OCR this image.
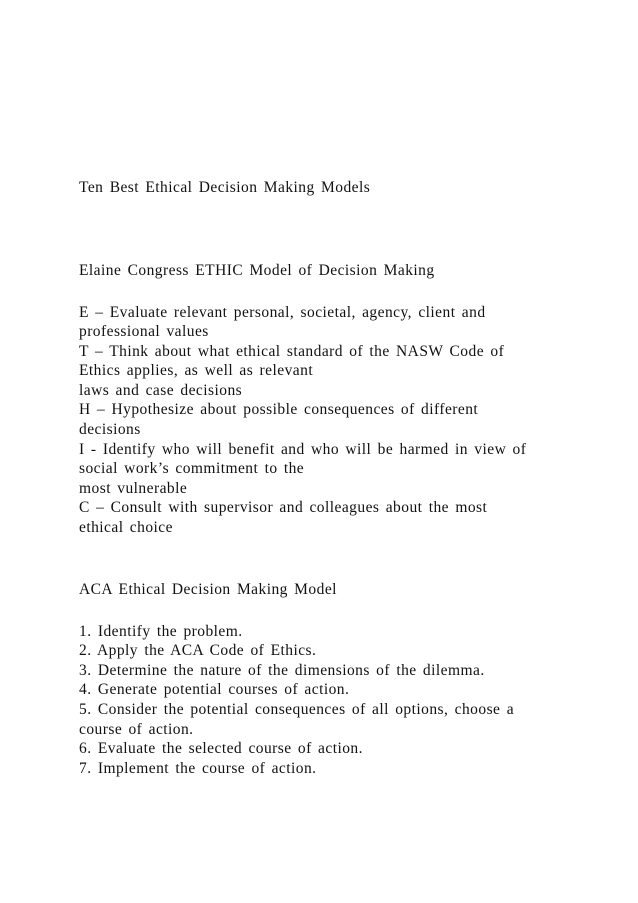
Ten Best Ethical Decision Making Models
Elaine Congress ETHIC Model of Decision Making
E – Evaluate relevant personal, societal, agency, client and
professional values
T – Think about what ethical standard of the NASW Code of
Ethics applies, as well as relevant
laws and case decisions
H – Hypothesize about possible consequences of different
decisions
I - Identify who will benefit and who will be harmed in view of
social work’s commitment to the
most vulnerable
C – Consult with supervisor and colleagues about the most
ethical choice
ACA Ethical Decision Making Model
1. Identify the problem.
2. Apply the ACA Code of Ethics.
3. Determine the nature of the dimensions of the dilemma.
4. Generate potential courses of action.
5. Consider the potential consequences of all options, choose a
course of action.
6. Evaluate the selected course of action.
7. Implement the course of action.
